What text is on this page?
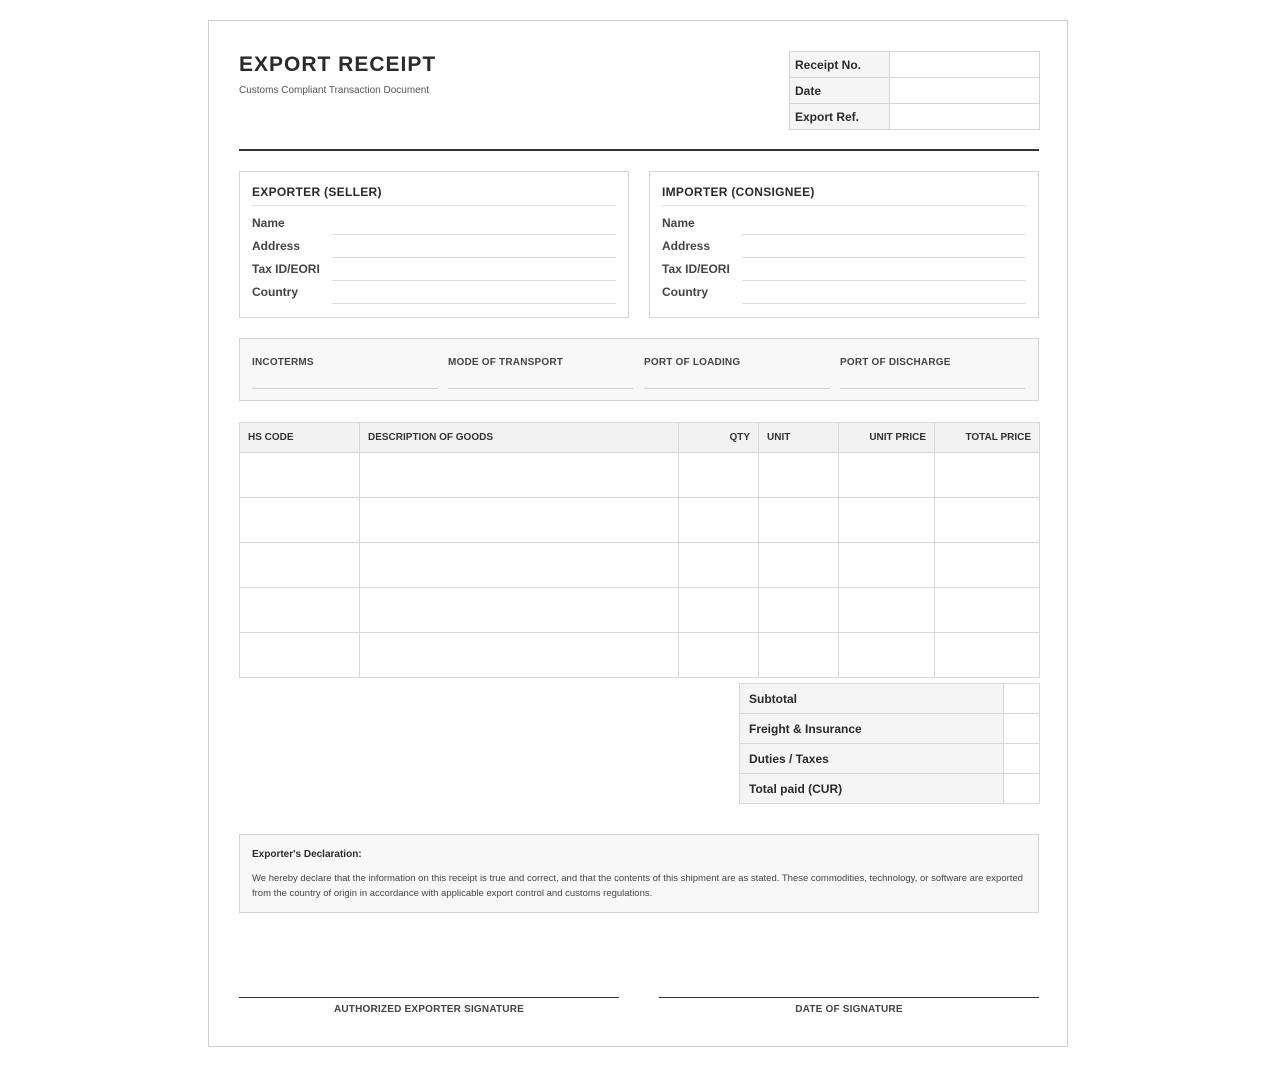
EXPORT RECEIPT
Customs Compliant Transaction Document
Receipt No.	
Date	
Export Ref.	
EXPORTER (SELLER)
Name
Address
Tax ID/EORI
Country
IMPORTER (CONSIGNEE)
Name
Address
Tax ID/EORI
Country
INCOTERMS	MODE OF TRANSPORT	PORT OF LOADING	PORT OF DISCHARGE
HS CODE	DESCRIPTION OF GOODS	QTY	UNIT	UNIT PRICE	TOTAL PRICE

Subtotal	
Freight & Insurance	
Duties / Taxes	
Total paid (CUR)	
Exporter's Declaration:
We hereby declare that the information on this receipt is true and correct, and that the contents of this shipment are as stated. These commodities, technology, or software are exported from the country of origin in accordance with applicable export control and customs regulations.
AUTHORIZED EXPORTER SIGNATURE	DATE OF SIGNATURE
